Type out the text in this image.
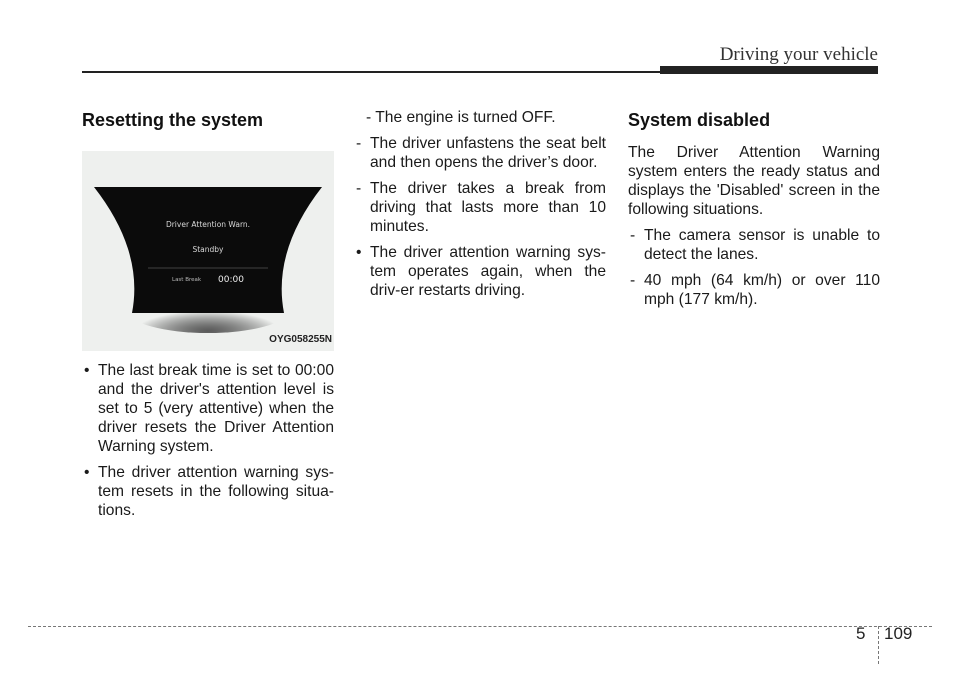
Driving your vehicle
Resetting the system
Driver Attention Warn.
Standby
Last Break 00:00
OYG058255N
• The last break time is set to 00:00 and the driver's attention level is set to 5 (very attentive) when the driver resets the Driver Attention Warning system.
• The driver attention warning sys-tem resets in the following situa-tions.
- The engine is turned OFF.
- The driver unfastens the seat belt and then opens the driver’s door.
- The driver takes a break from driving that lasts more than 10 minutes.
• The driver attention warning sys-tem operates again, when the driv-er restarts driving.
System disabled

The Driver Attention Warning system enters the ready status and displays the 'Disabled' screen in the following situations.

- The camera sensor is unable to detect the lanes.
- 40 mph (64 km/h) or over 110 mph (177 km/h).
5 109
